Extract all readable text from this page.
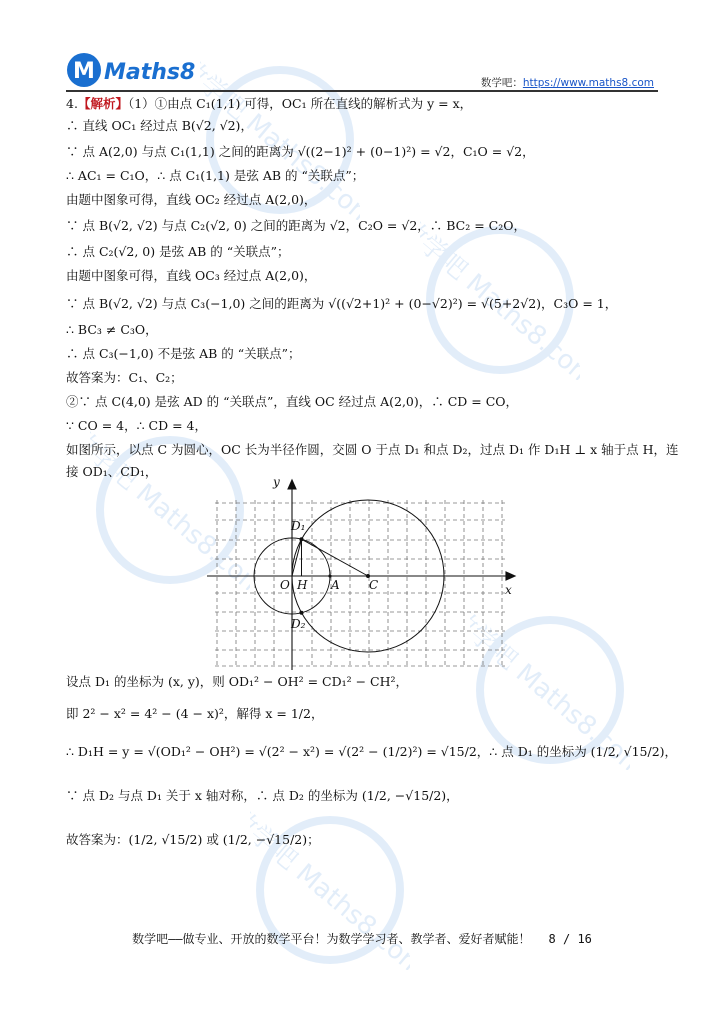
数学吧 Maths8.com
数学吧 Maths8.com
数学吧 Maths8.com
数学吧 Maths8.com
数学吧 Maths8.com
M Maths8	数学吧：https://www.maths8.com
4.【解析】（1）①由点 C₁(1,1) 可得，OC₁ 所在直线的解析式为 y = x，
∴ 直线 OC₁ 经过点 B(√2, √2)，
∵ 点 A(2,0) 与点 C₁(1,1) 之间的距离为 √((2−1)² + (0−1)²) = √2，C₁O = √2，
∴ AC₁ = C₁O，∴ 点 C₁(1,1) 是弦 AB 的 “关联点”；
由题中图象可得，直线 OC₂ 经过点 A(2,0)，
∵ 点 B(√2, √2) 与点 C₂(√2, 0) 之间的距离为 √2，C₂O = √2，∴ BC₂ = C₂O，
∴ 点 C₂(√2, 0) 是弦 AB 的 “关联点”；
由题中图象可得，直线 OC₃ 经过点 A(2,0)，
∵ 点 B(√2, √2) 与点 C₃(−1,0) 之间的距离为 √((√2+1)² + (0−√2)²) = √(5+2√2)，C₃O = 1，
∴ BC₃ ≠ C₃O，
∴ 点 C₃(−1,0) 不是弦 AB 的 “关联点”；
故答案为：C₁、C₂；
②∵ 点 C(4,0) 是弦 AD 的 “关联点”，直线 OC 经过点 A(2,0)，∴ CD = CO，
∵ CO = 4，∴ CD = 4，
如图所示，以点 C 为圆心，OC 长为半径作圆，交圆 O 于点 D₁ 和点 D₂，过点 D₁ 作 D₁H ⊥ x 轴于点 H，连
接 OD₁、CD₁，
设点 D₁ 的坐标为 (x, y)，则 OD₁² − OH² = CD₁² − CH²，
即 2² − x² = 4² − (4 − x)²，解得 x = 1/2，
∴ D₁H = y = √(OD₁² − OH²) = √(2² − x²) = √(2² − (1/2)²) = √15/2，∴ 点 D₁ 的坐标为 (1/2, √15/2)，
∵ 点 D₂ 与点 D₁ 关于 x 轴对称，∴ 点 D₂ 的坐标为 (1/2, −√15/2)，
故答案为：(1/2, √15/2) 或 (1/2, −√15/2)；
y
x
O H A C
D₁
D₂
数学吧——做专业、开放的数学平台！为数学学习者、教学者、爱好者赋能！ 8 / 16
